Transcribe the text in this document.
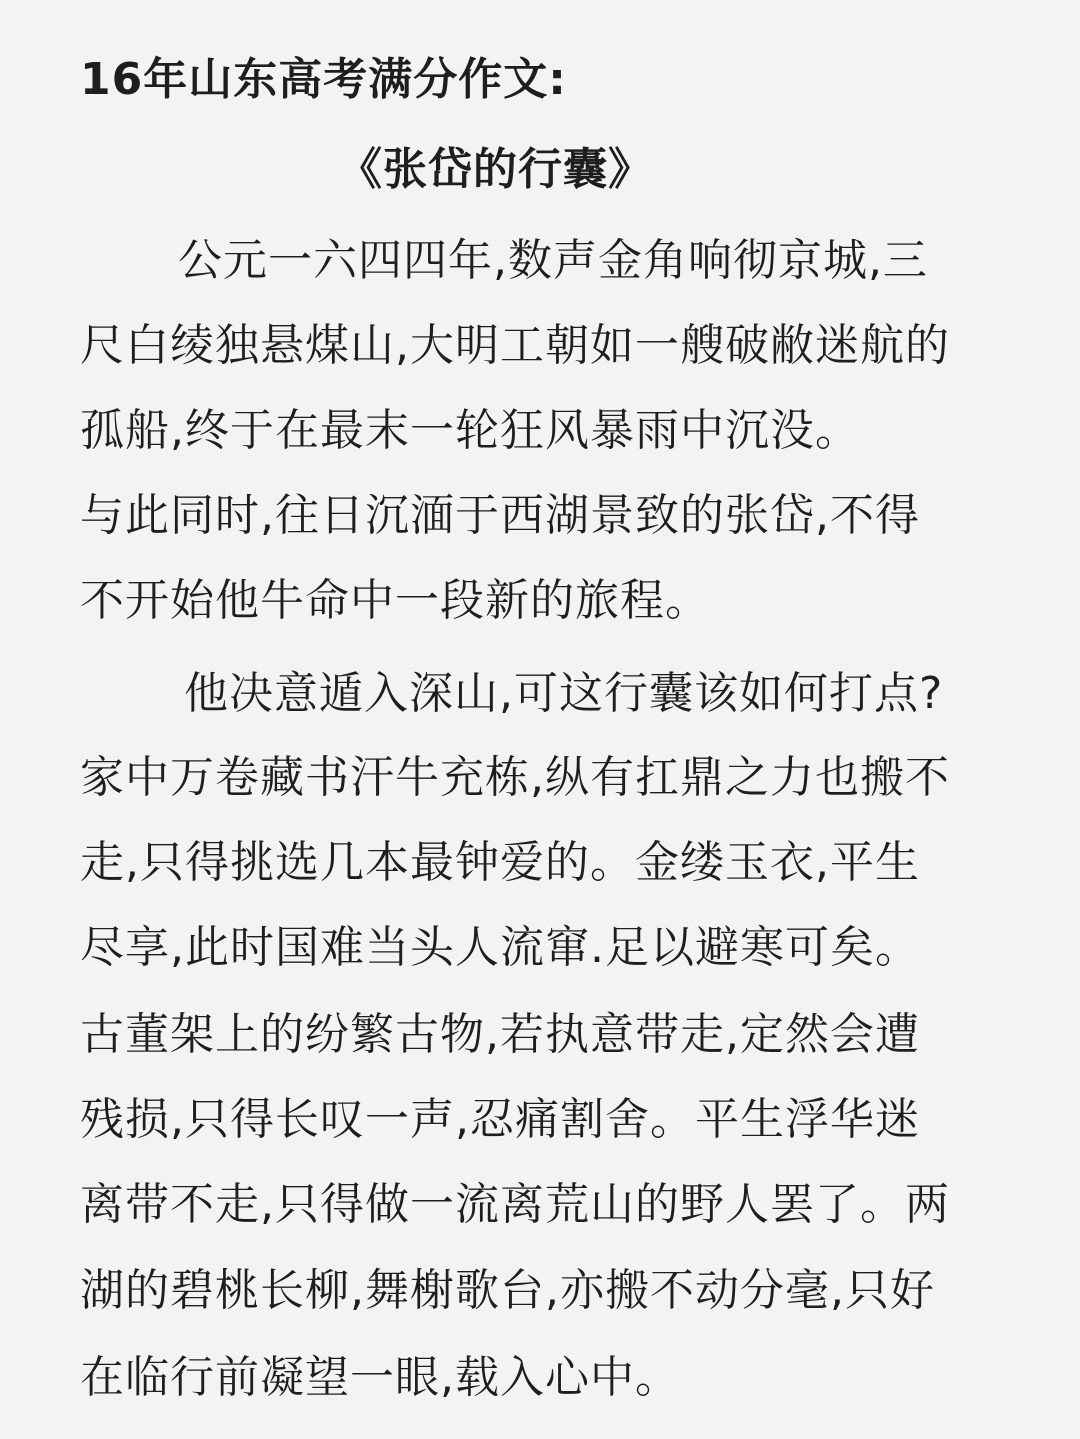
16年山东高考满分作文:
《张岱的行囊》
公元一六四四年,数声金角响彻京城,三
尺白绫独悬煤山,大明工朝如一艘破敝迷航的
孤船,终于在最末一轮狂风暴雨中沉没。
与此同时,往日沉湎于西湖景致的张岱,不得
不开始他牛命中一段新的旅程。
他决意遁入深山,可这行囊该如何打点?
家中万卷藏书汗牛充栋,纵有扛鼎之力也搬不
走,只得挑选几本最钟爱的。金缕玉衣,平生
尽享,此时国难当头人流窜.足以避寒可矣。
古董架上的纷繁古物,若执意带走,定然会遭
残损,只得长叹一声,忍痛割舍。平生浮华迷
离带不走,只得做一流离荒山的野人罢了。两
湖的碧桃长柳,舞榭歌台,亦搬不动分毫,只好
在临行前凝望一眼,载入心中。
